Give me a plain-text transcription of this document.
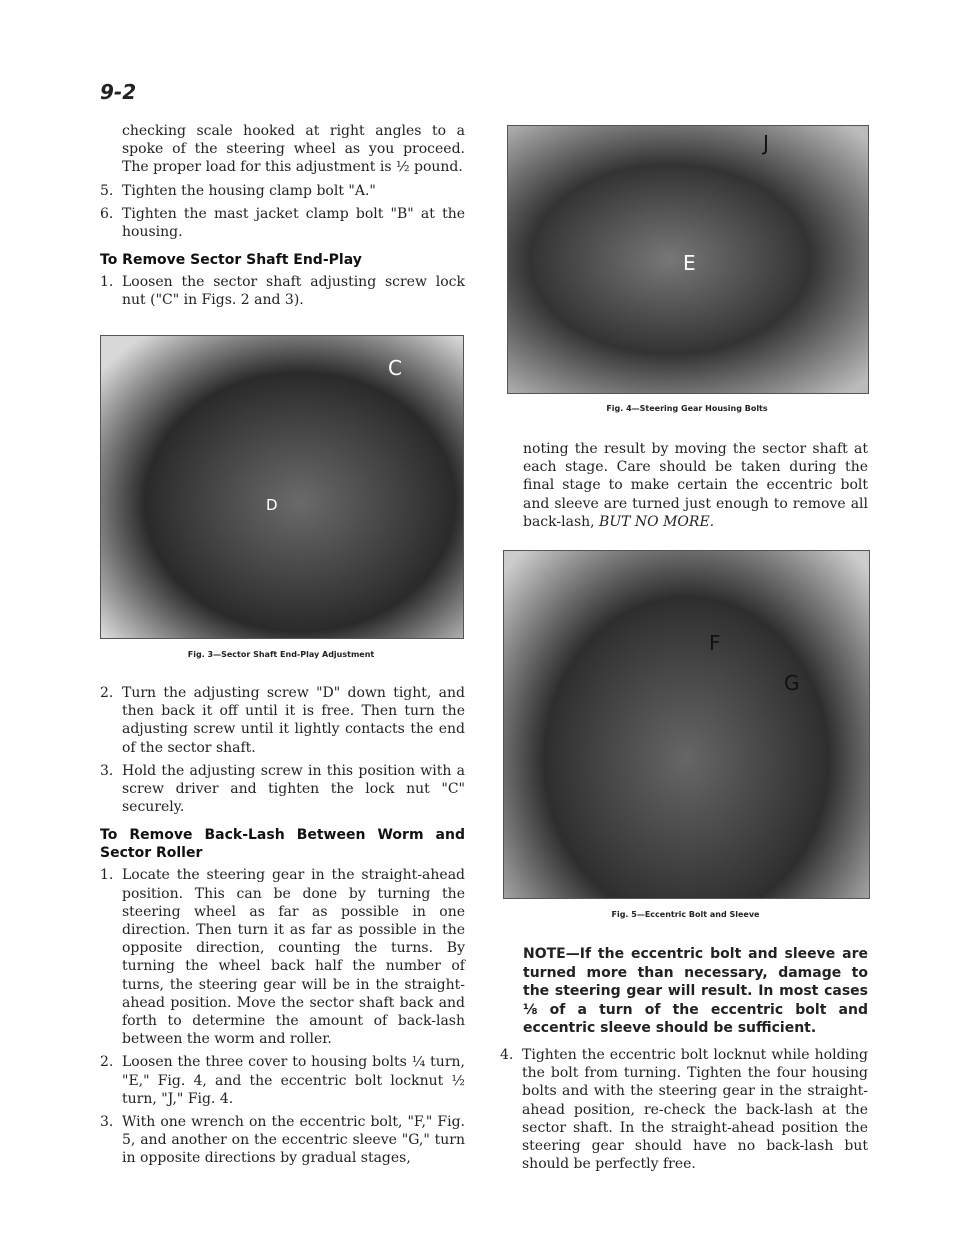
9-2
checking scale hooked at right angles to a spoke of the steering wheel as you proceed. The proper load for this adjustment is ½ pound.
5. Tighten the housing clamp bolt "A."
6. Tighten the mast jacket clamp bolt "B" at the housing.
To Remove Sector Shaft End-Play
1. Loosen the sector shaft adjusting screw lock nut ("C" in Figs. 2 and 3).
C
D
Fig. 3—Sector Shaft End-Play Adjustment
2. Turn the adjusting screw "D" down tight, and then back it off until it is free. Then turn the adjusting screw until it lightly contacts the end of the sector shaft.
3. Hold the adjusting screw in this position with a screw driver and tighten the lock nut "C" securely.
To Remove Back-Lash Between Worm and Sector Roller
1. Locate the steering gear in the straight-ahead position. This can be done by turning the steering wheel as far as possible in one direction. Then turn it as far as possible in the opposite direction, counting the turns. By turning the wheel back half the number of turns, the steering gear will be in the straight-ahead position. Move the sector shaft back and forth to determine the amount of back-lash between the worm and roller.
2. Loosen the three cover to housing bolts ¼ turn, "E," Fig. 4, and the eccentric bolt locknut ½ turn, "J," Fig. 4.
3. With one wrench on the eccentric bolt, "F," Fig. 5, and another on the eccentric sleeve "G," turn in opposite directions by gradual stages,
J
E
Fig. 4—Steering Gear Housing Bolts
noting the result by moving the sector shaft at each stage. Care should be taken during the final stage to make certain the eccentric bolt and sleeve are turned just enough to remove all back-lash, BUT NO MORE.
F
G
Fig. 5—Eccentric Bolt and Sleeve
NOTE—If the eccentric bolt and sleeve are turned more than necessary, damage to the steering gear will result. In most cases ⅛ of a turn of the eccentric bolt and eccentric sleeve should be sufficient.
4. Tighten the eccentric bolt locknut while holding the bolt from turning. Tighten the four housing bolts and with the steering gear in the straight-ahead position, re-check the back-lash at the sector shaft. In the straight-ahead position the steering gear should have no back-lash but should be perfectly free.
